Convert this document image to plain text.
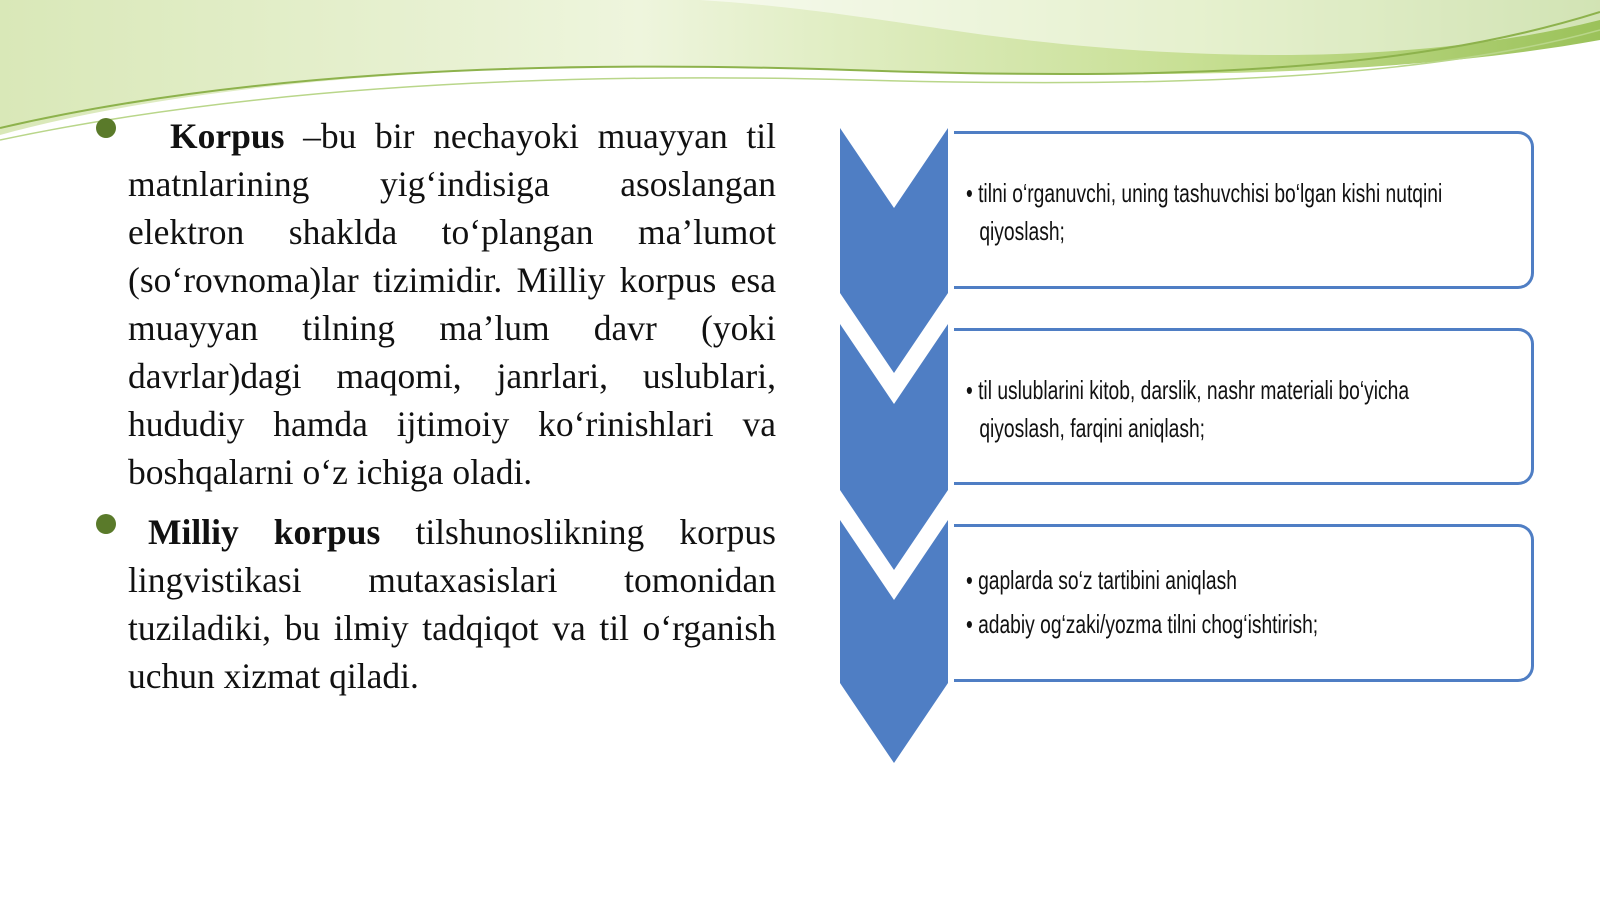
Korpus –bu bir nechayoki muayyan til matnlarining yig‘indisiga asoslangan elektron shaklda to‘plangan ma’lumot (so‘rovnoma)lar tizimidir. Milliy korpus esa muayyan tilning ma’lum davr (yoki davrlar)dagi maqomi, janrlari, uslublari, hududiy hamda ijtimoiy ko‘rinishlari va boshqalarni o‘z ichiga oladi.
Milliy korpus tilshunoslikning korpus lingvistikasi mutaxasislari tomonidan tuziladiki, bu ilmiy tadqiqot va til o‘rganish uchun xizmat qiladi.
• tilni o‘rganuvchi, uning tashuvchisi bo‘lgan kishi nutqini
qiyoslash;
• til uslublarini kitob, darslik, nashr materiali bo‘yicha
qiyoslash, farqini aniqlash;
• gaplarda so‘z tartibini aniqlash
• adabiy og‘zaki/yozma tilni chog‘ishtirish;
